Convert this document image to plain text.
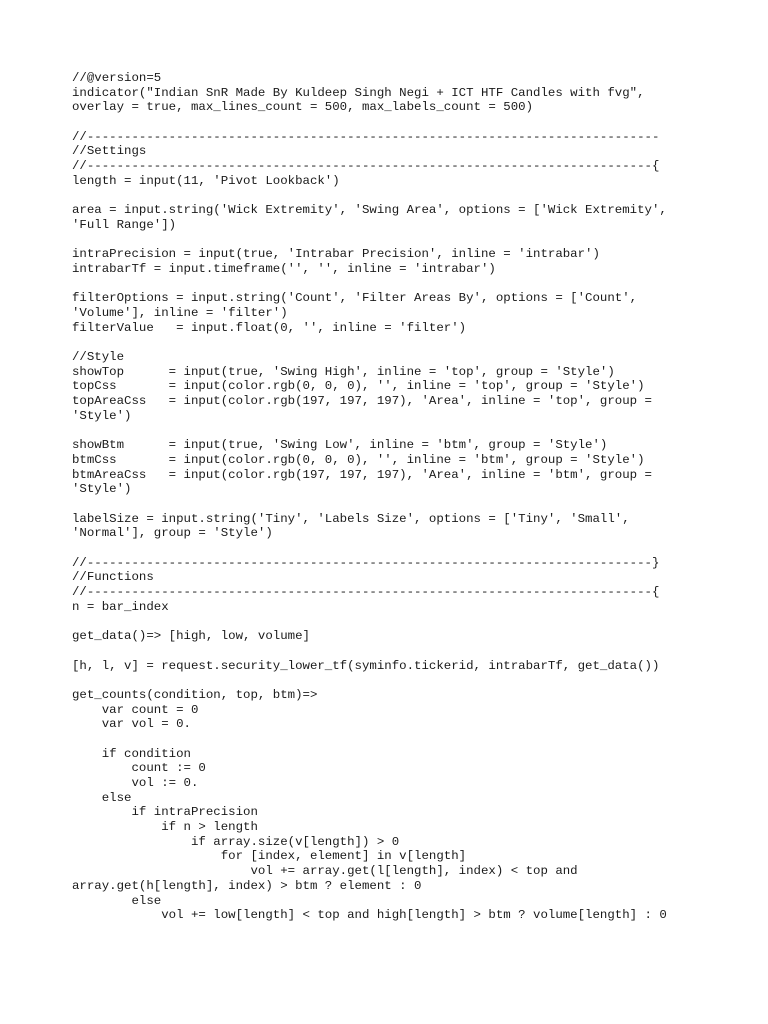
//@version=5
indicator("Indian SnR Made By Kuldeep Singh Negi + ICT HTF Candles with fvg",
overlay = true, max_lines_count = 500, max_labels_count = 500)
//-----------------------------------------------------------------------------
//Settings
//----------------------------------------------------------------------------{
length = input(11, 'Pivot Lookback')
area = input.string('Wick Extremity', 'Swing Area', options = ['Wick Extremity',
'Full Range'])
intraPrecision = input(true, 'Intrabar Precision', inline = 'intrabar')
intrabarTf = input.timeframe('', '', inline = 'intrabar')
filterOptions = input.string('Count', 'Filter Areas By', options = ['Count',
'Volume'], inline = 'filter')
filterValue   = input.float(0, '', inline = 'filter')
//Style
showTop      = input(true, 'Swing High', inline = 'top', group = 'Style')
topCss       = input(color.rgb(0, 0, 0), '', inline = 'top', group = 'Style')
topAreaCss   = input(color.rgb(197, 197, 197), 'Area', inline = 'top', group =
'Style')
showBtm      = input(true, 'Swing Low', inline = 'btm', group = 'Style')
btmCss       = input(color.rgb(0, 0, 0), '', inline = 'btm', group = 'Style')
btmAreaCss   = input(color.rgb(197, 197, 197), 'Area', inline = 'btm', group =
'Style')
labelSize = input.string('Tiny', 'Labels Size', options = ['Tiny', 'Small',
'Normal'], group = 'Style')
//----------------------------------------------------------------------------}
//Functions
//----------------------------------------------------------------------------{
n = bar_index
get_data()=> [high, low, volume]
[h, l, v] = request.security_lower_tf(syminfo.tickerid, intrabarTf, get_data())
get_counts(condition, top, btm)=>
var count = 0
var vol = 0.
if condition
count := 0
vol := 0.
else
if intraPrecision
if n > length
if array.size(v[length]) > 0
for [index, element] in v[length]
vol += array.get(l[length], index) < top and
array.get(h[length], index) > btm ? element : 0
else
vol += low[length] < top and high[length] > btm ? volume[length] : 0
